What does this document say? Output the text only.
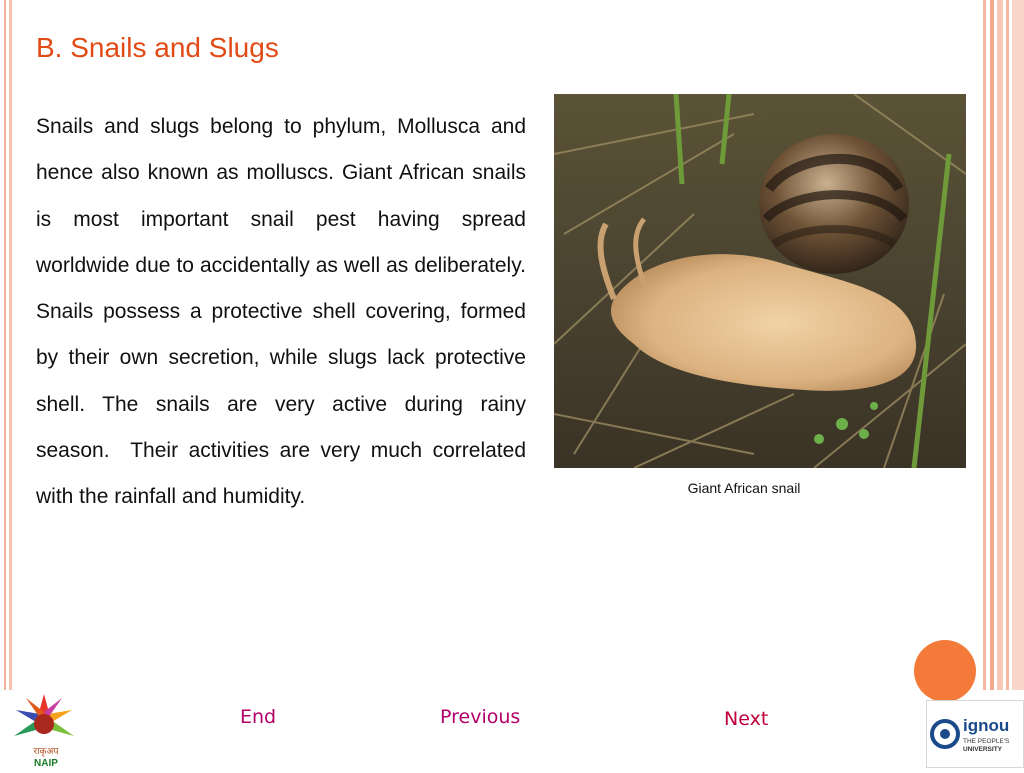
B. Snails and Slugs

Snails and slugs belong to phylum, Mollusca and hence also known as molluscs. Giant African snails is most important snail pest having spread worldwide due to accidentally as well as deliberately. Snails possess a protective shell covering, formed by their own secretion, while slugs lack protective shell. The snails are very active during rainy season.  Their activities are very much correlated with the rainfall and humidity.	Giant African snail
End	Previous	Next
राकृअप
NAIP
ignou
THE PEOPLE'S
UNIVERSITY
